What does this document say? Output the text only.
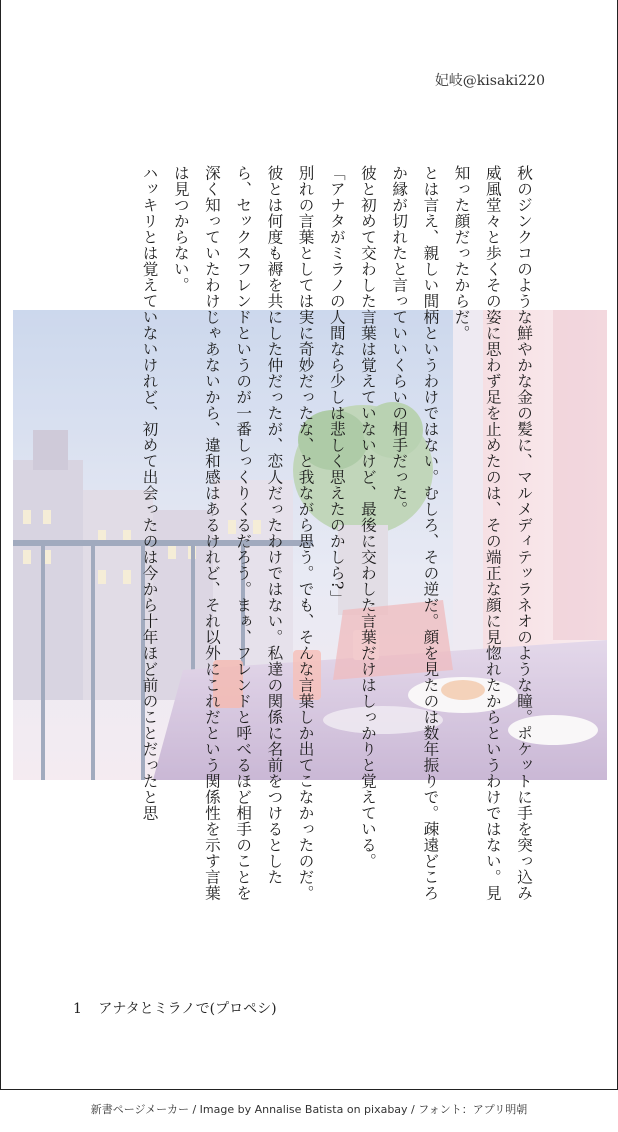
妃岐@kisaki220

秋のジンクコのような鮮やかな金の髪に、マルメディテッラネオのような瞳。ポケットに手を突っ込み威風堂々と歩くその姿に思わず足を止めたのは、その端正な顔に見惚れたからというわけではない。見知った顔だったからだ。

とは言え、親しい間柄というわけではない。むしろ、その逆だ。顔を見たのは数年振りで。疎遠どころか縁が切れたと言っていいくらいの相手だった。

彼と初めて交わした言葉は覚えていないけど、最後に交わした言葉だけはしっかりと覚えている。

「アナタがミラノの人間なら少しは悲しく思えたのかしら?」

別れの言葉としては実に奇妙だったな、と我ながら思う。でも、そんな言葉しか出てこなかったのだ。

彼とは何度も褥を共にした仲だったが、恋人だったわけではない。私達の関係に名前をつけるとしたら、セックスフレンドというのが一番しっくりくるだろう。まぁ、フレンドと呼べるほど相手のことを深く知っていたわけじゃあないから、違和感はあるけれど、それ以外にこれだという関係性を示す言葉は見つからない。

ハッキリとは覚えていないけれど、初めて出会ったのは今から十年ほど前のことだったと思

1 アナタとミラノで(プロペシ)
新書ページメーカー / Image by Annalise Batista on pixabay / フォント：アプリ明朝
